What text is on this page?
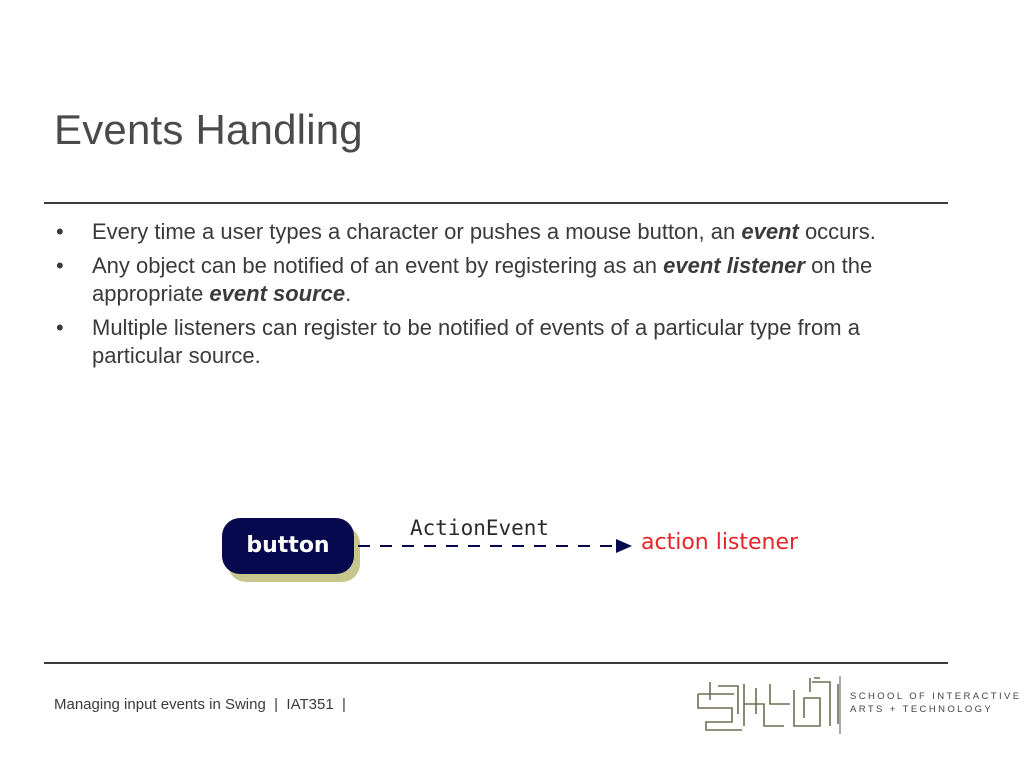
Events Handling
• Every time a user types a character or pushes a mouse button, an event occurs.
• Any object can be notified of an event by registering as an event listener on the appropriate event source.
• Multiple listeners can register to be notified of events of a particular type from a particular source.
button
ActionEvent
action listener
Managing input events in Swing | IAT351 |	SCHOOL OF INTERACTIVE
ARTS + TECHNOLOGY
